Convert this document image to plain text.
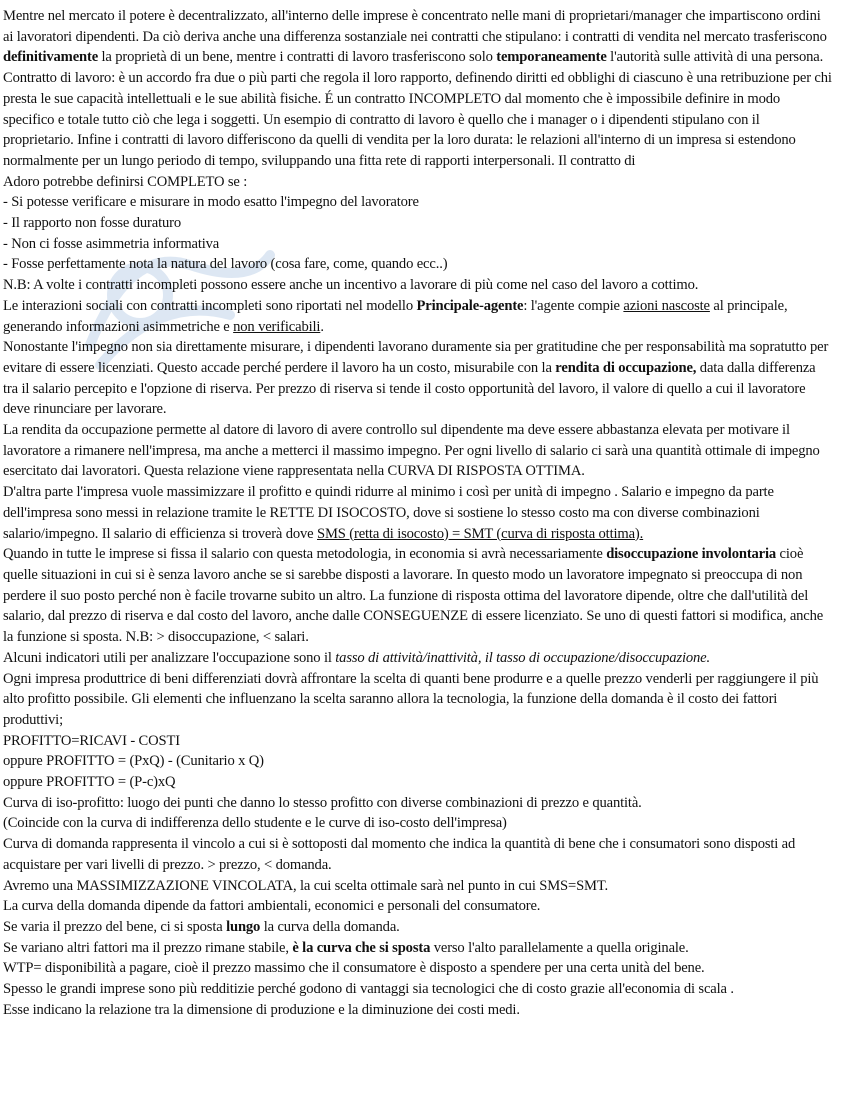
Mentre nel mercato il potere è decentralizzato, all'interno delle imprese è concentrato nelle mani di proprietari/manager che impartiscono ordini ai lavoratori dipendenti. Da ciò deriva anche una differenza sostanziale nei contratti che stipulano: i contratti di vendita nel mercato trasferiscono definitivamente la proprietà di un bene, mentre i contratti di lavoro trasferiscono solo temporaneamente l'autorità sulle attività di una persona.

Contratto di lavoro: è un accordo fra due o più parti che regola il loro rapporto, definendo diritti ed obblighi di ciascuno è una retribuzione per chi presta le sue capacità intellettuali e le sue abilità fisiche. É un contratto INCOMPLETO dal momento che è impossibile definire in modo specifico e totale tutto ciò che lega i soggetti. Un esempio di contratto di lavoro è quello che i manager o i dipendenti stipulano con il proprietario. Infine i contratti di lavoro differiscono da quelli di vendita per la loro durata: le relazioni all'interno di un impresa si estendono normalmente per un lungo periodo di tempo, sviluppando una fitta rete di rapporti interpersonali. Il contratto di

Adoro potrebbe definirsi COMPLETO se :

- Si potesse verificare e misurare in modo esatto l'impegno del lavoratore

- Il rapporto non fosse duraturo

- Non ci fosse asimmetria informativa

- Fosse perfettamente nota la natura del lavoro (cosa fare, come, quando ecc..)

N.B: A volte i contratti incompleti possono essere anche un incentivo a lavorare di più come nel caso del lavoro a cottimo.

Le interazioni sociali con contratti incompleti sono riportati nel modello Principale-agente: l'agente compie azioni nascoste al principale, generando informazioni asimmetriche e non verificabili.

Nonostante l'impegno non sia direttamente misurare, i dipendenti lavorano duramente sia per gratitudine che per responsabilità ma sopratutto per evitare di essere licenziati. Questo accade perché perdere il lavoro ha un costo, misurabile con la rendita di occupazione, data dalla differenza tra il salario percepito e l'opzione di riserva. Per prezzo di riserva si tende il costo opportunità del lavoro, il valore di quello a cui il lavoratore deve rinunciare per lavorare.

La rendita da occupazione permette al datore di lavoro di avere controllo sul dipendente ma deve essere abbastanza elevata per motivare il lavoratore a rimanere nell'impresa, ma anche a metterci il massimo impegno. Per ogni livello di salario ci sarà una quantità ottimale di impegno esercitato dai lavoratori. Questa relazione viene rappresentata nella CURVA DI RISPOSTA OTTIMA.

D'altra parte l'impresa vuole massimizzare il profitto e quindi ridurre al minimo i così per unità di impegno . Salario e impegno da parte dell'impresa sono messi in relazione tramite le RETTE DI ISOCOSTO, dove si sostiene lo stesso costo ma con diverse combinazioni salario/impegno. Il salario di efficienza si troverà dove SMS (retta di isocosto) = SMT (curva di risposta ottima).

Quando in tutte le imprese si fissa il salario con questa metodologia, in economia si avrà necessariamente disoccupazione involontaria cioè quelle situazioni in cui si è senza lavoro anche se si sarebbe disposti a lavorare. In questo modo un lavoratore impegnato si preoccupa di non perdere il suo posto perché non è facile trovarne subito un altro. La funzione di risposta ottima del lavoratore dipende, oltre che dall'utilità del salario, dal prezzo di riserva e dal costo del lavoro, anche dalle CONSEGUENZE di essere licenziato. Se uno di questi fattori si modifica, anche la funzione si sposta. N.B: > disoccupazione, < salari.

Alcuni indicatori utili per analizzare l'occupazione sono il tasso di attività/inattività, il tasso di occupazione/disoccupazione.

Ogni impresa produttrice di beni differenziati dovrà affrontare la scelta di quanti bene produrre e a quelle prezzo venderli per raggiungere il più alto profitto possibile. Gli elementi che influenzano la scelta saranno allora la tecnologia, la funzione della domanda è il costo dei fattori produttivi;

PROFITTO=RICAVI - COSTI

oppure PROFITTO = (PxQ) - (Cunitario x Q)

oppure PROFITTO = (P-c)xQ

Curva di iso-profitto: luogo dei punti che danno lo stesso profitto con diverse combinazioni di prezzo e quantità.

(Coincide con la curva di indifferenza dello studente e le curve di iso-costo dell'impresa)

Curva di domanda rappresenta il vincolo a cui si è sottoposti dal momento che indica la quantità di bene che i consumatori sono disposti ad acquistare per vari livelli di prezzo. > prezzo, < domanda.

Avremo una MASSIMIZZAZIONE VINCOLATA, la cui scelta ottimale sarà nel punto in cui SMS=SMT.

La curva della domanda dipende da fattori ambientali, economici e personali del consumatore.

Se varia il prezzo del bene, ci si sposta lungo la curva della domanda.

Se variano altri fattori ma il prezzo rimane stabile, è la curva che si sposta verso l'alto parallelamente a quella originale.

WTP= disponibilità a pagare, cioè il prezzo massimo che il consumatore è disposto a spendere per una certa unità del bene.

Spesso le grandi imprese sono più redditizie perché godono di vantaggi sia tecnologici che di costo grazie all'economia di scala .

Esse indicano la relazione tra la dimensione di produzione e la diminuzione dei costi medi.
